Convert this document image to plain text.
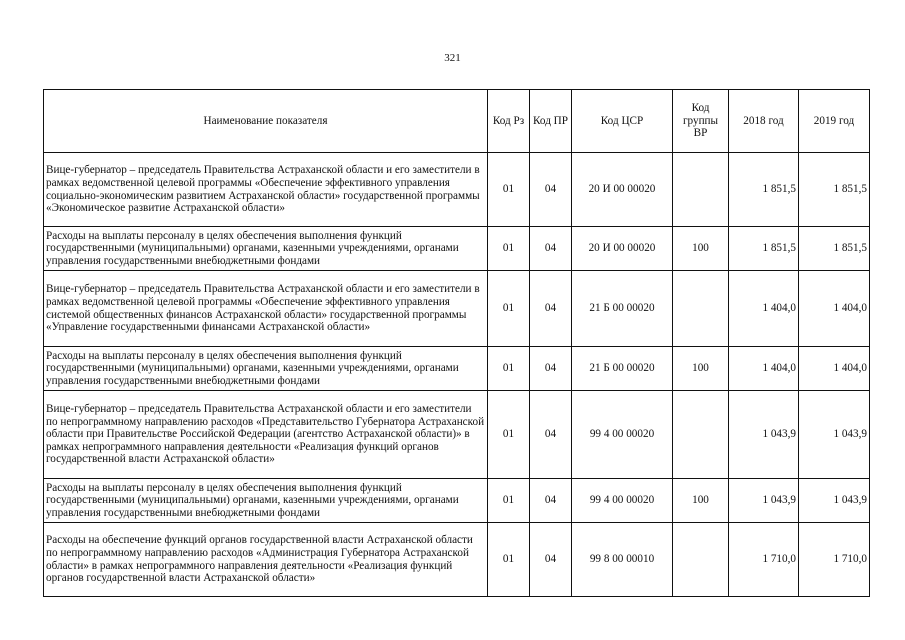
321
Наименование показателя	Код Рз	Код ПР	Код ЦСР	Код группы ВР	2018 год	2019 год
Вице-губернатор – председатель Правительства Астраханской области и его заместители в рамках ведомственной целевой программы «Обеспечение эффективного управления социально-экономическим развитием Астраханской области» государственной программы «Экономическое развитие Астраханской области»	01	04	20 И 00 00020		1 851,5	1 851,5
Расходы на выплаты персоналу в целях обеспечения выполнения функций государственными (муниципальными) органами, казенными учреждениями, органами управления государственными внебюджетными фондами	01	04	20 И 00 00020	100	1 851,5	1 851,5
Вице-губернатор – председатель Правительства Астраханской области и его заместители в рамках ведомственной целевой программы «Обеспечение эффективного управления системой общественных финансов Астраханской области» государственной программы «Управление государственными финансами Астраханской области»	01	04	21 Б 00 00020		1 404,0	1 404,0
Расходы на выплаты персоналу в целях обеспечения выполнения функций государственными (муниципальными) органами, казенными учреждениями, органами управления государственными внебюджетными фондами	01	04	21 Б 00 00020	100	1 404,0	1 404,0
Вице-губернатор – председатель Правительства Астраханской области и его заместители по непрограммному направлению расходов «Представительство Губернатора Астраханской области при Правительстве Российской Федерации (агентство Астраханской области)» в рамках непрограммного направления деятельности «Реализация функций органов государственной власти Астраханской области»	01	04	99 4 00 00020		1 043,9	1 043,9
Расходы на выплаты персоналу в целях обеспечения выполнения функций государственными (муниципальными) органами, казенными учреждениями, органами управления государственными внебюджетными фондами	01	04	99 4 00 00020	100	1 043,9	1 043,9
Расходы на обеспечение функций органов государственной власти Астраханской области по непрограммному направлению расходов «Администрация Губернатора Астраханской области» в рамках непрограммного направления деятельности «Реализация функций органов государственной власти Астраханской области»	01	04	99 8 00 00010		1 710,0	1 710,0
